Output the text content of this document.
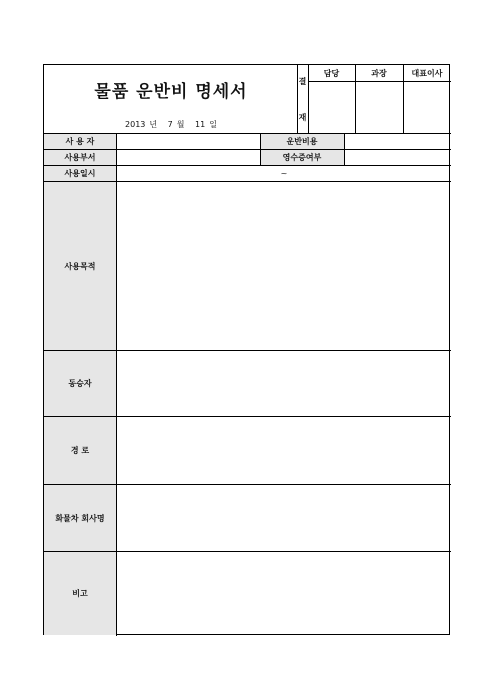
물품 운반비 명세서
2013 년 7 월 11 일
결
재
담당	과장	대표이사
사 용 자
사용부서
사용일시
사용목적
동승자
경 로
화물차 회사명
비고
운반비용
영수증여부
~
